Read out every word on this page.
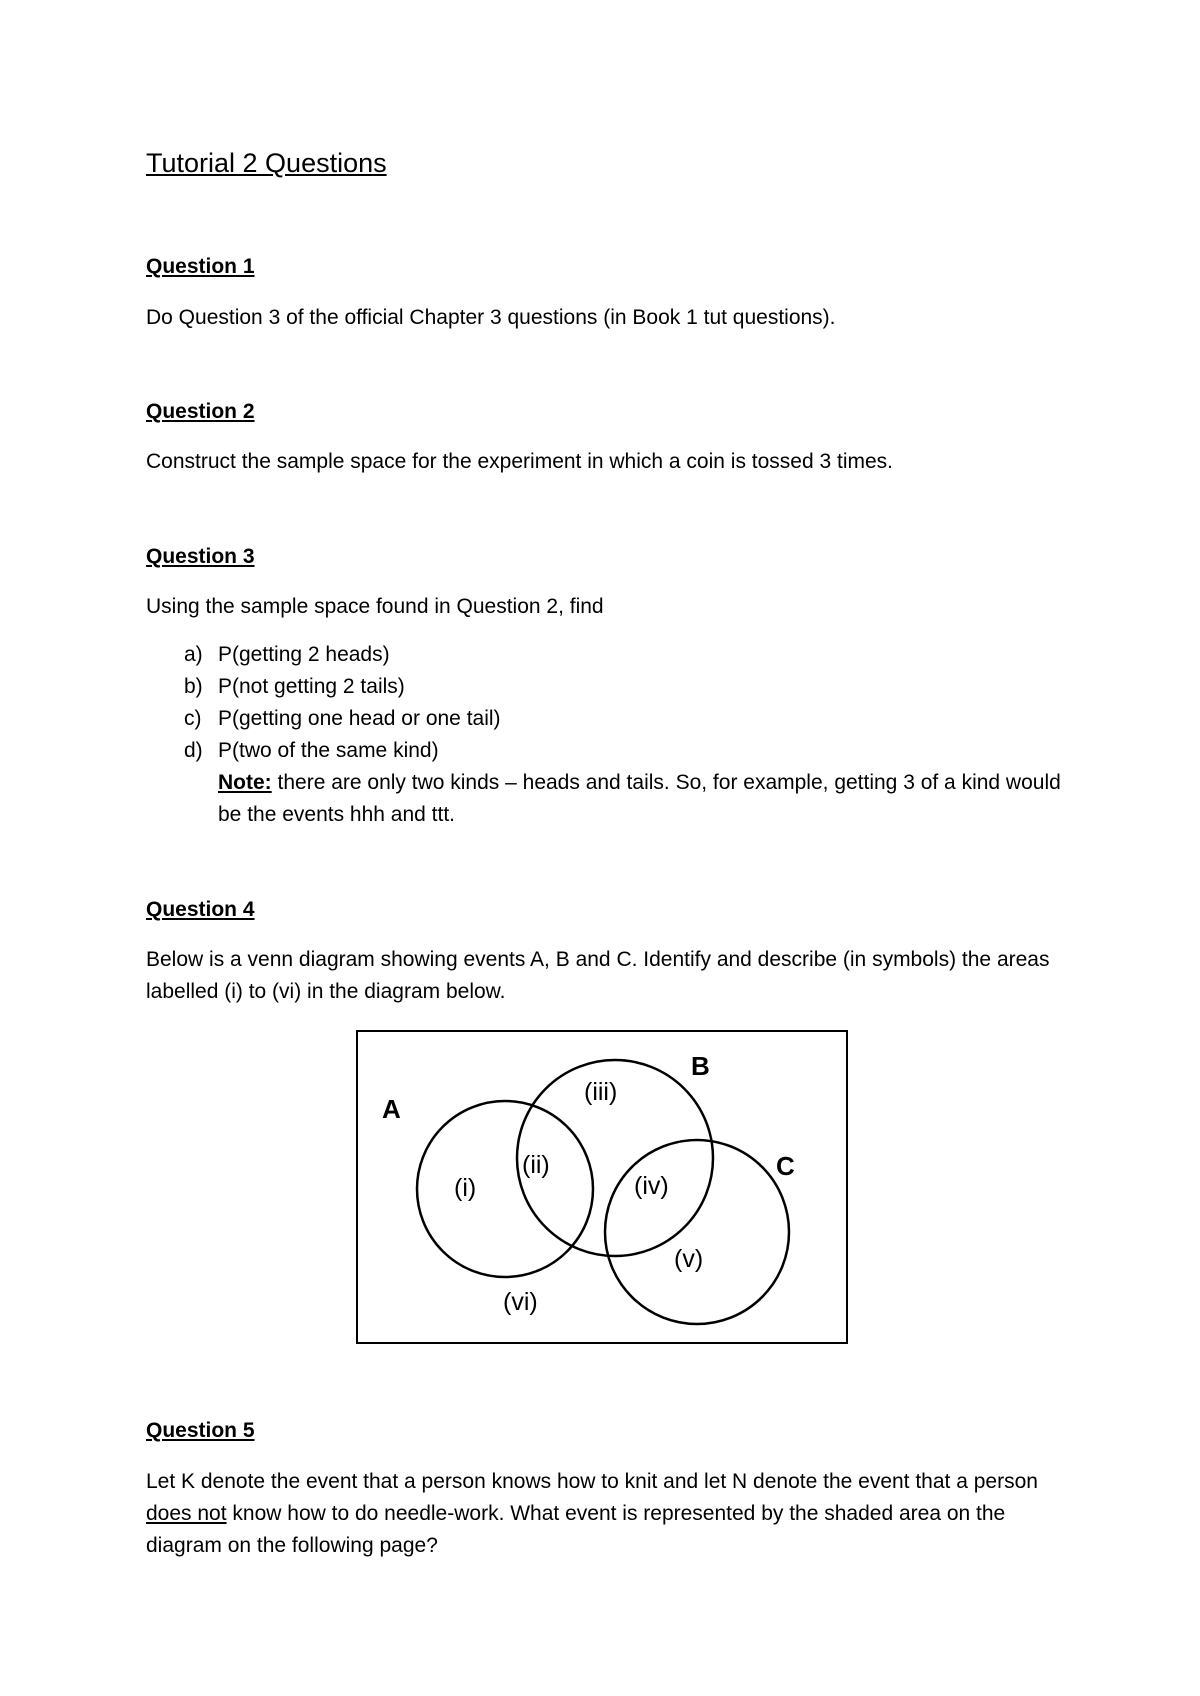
Tutorial 2 Questions

Question 1

Do Question 3 of the official Chapter 3 questions (in Book 1 tut questions).

Question 2

Construct the sample space for the experiment in which a coin is tossed 3 times.

Question 3

Using the sample space found in Question 2, find

a) P(getting 2 heads)
b) P(not getting 2 tails)
c) P(getting one head or one tail)
d) P(two of the same kind)

Note: there are only two kinds – heads and tails. So, for example, getting 3 of a kind would be the events hhh and ttt.

Question 4

Below is a venn diagram showing events A, B and C. Identify and describe (in symbols) the areas labelled (i) to (vi) in the diagram below.

A
B
C
(i)
(ii)
(iii)
(iv)
(v)
(vi)

Question 5

Let K denote the event that a person knows how to knit and let N denote the event that a person does not know how to do needle-work. What event is represented by the shaded area on the diagram on the following page?
